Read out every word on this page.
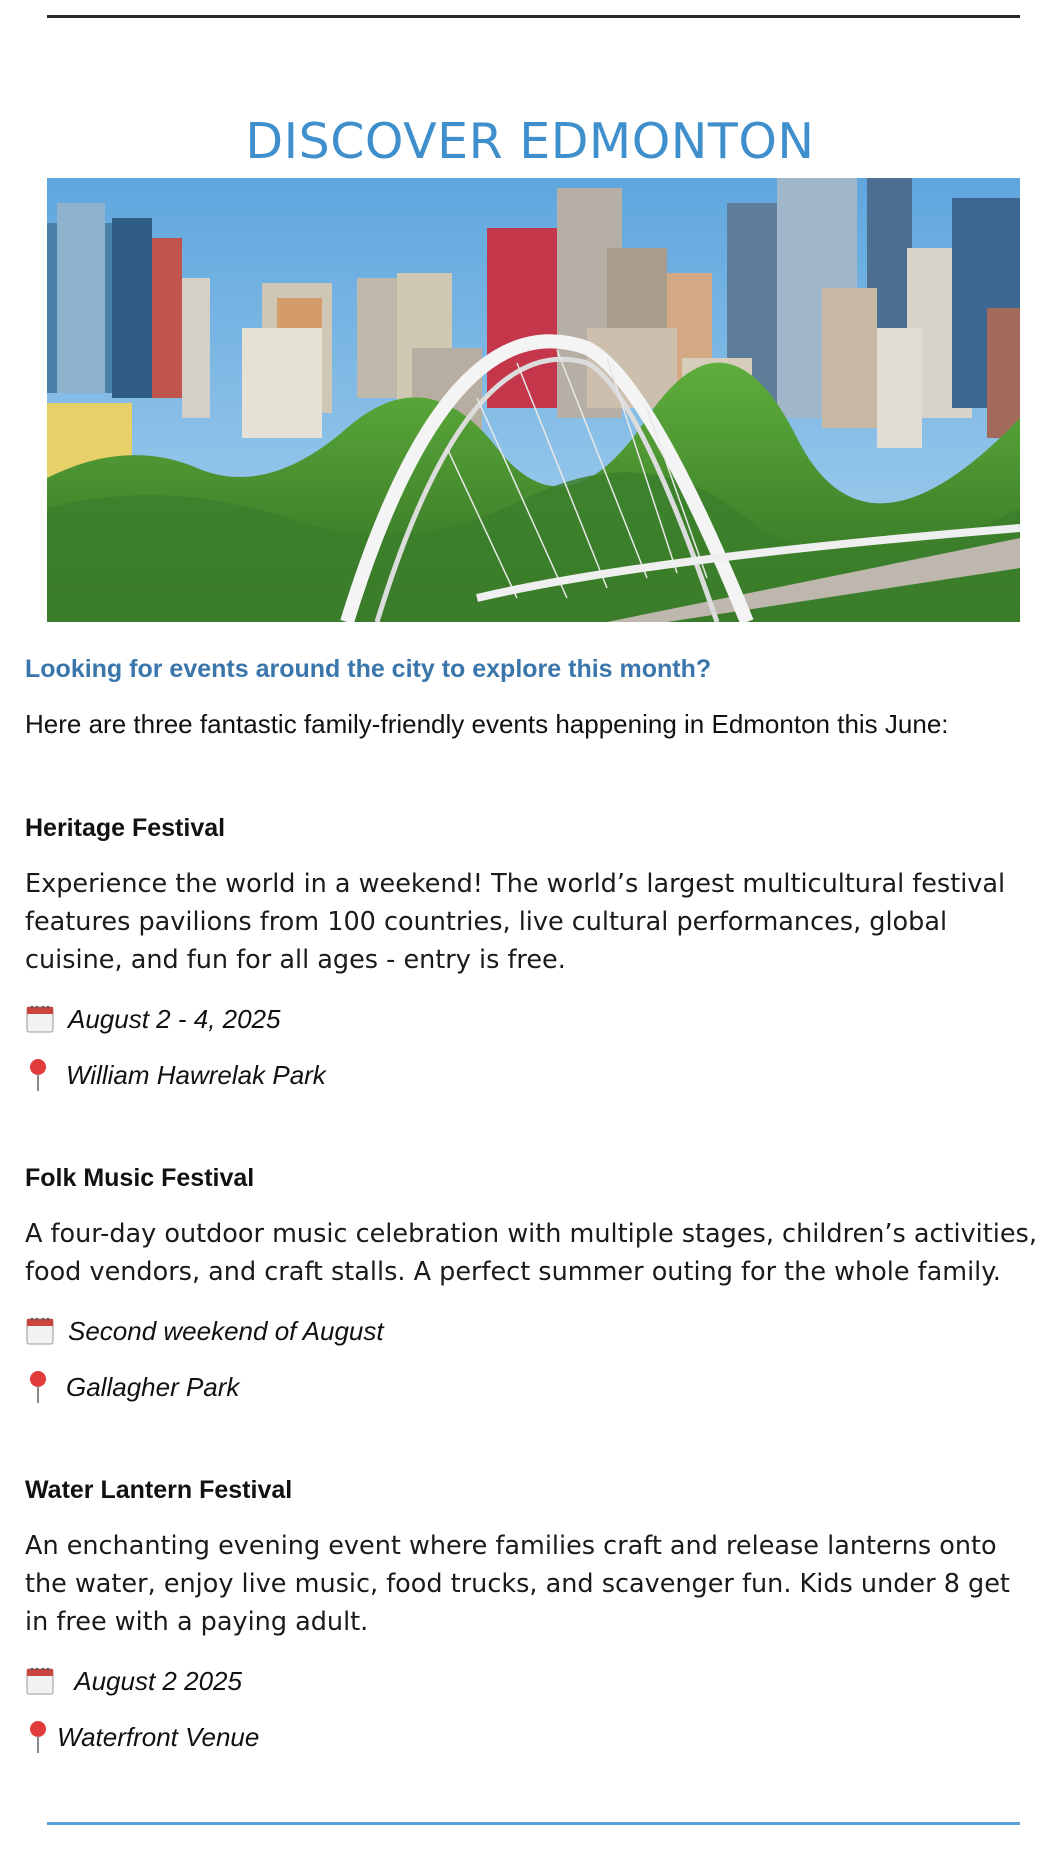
DISCOVER EDMONTON
Looking for events around the city to explore this month?
Here are three fantastic family-friendly events happening in Edmonton this June:
Heritage Festival

Experience the world in a weekend! The world’s largest multicultural festival features pavilions from 100 countries, live cultural performances, global cuisine, and fun for all ages - entry is free.

August 2 - 4, 2025
William Hawrelak Park
Folk Music Festival

A four-day outdoor music celebration with multiple stages, children’s activities, food vendors, and craft stalls. A perfect summer outing for the whole family.

Second weekend of August
Gallagher Park
Water Lantern Festival

An enchanting evening event where families craft and release lanterns onto the water, enjoy live music, food trucks, and scavenger fun. Kids under 8 get in free with a paying adult.

August 2 2025
Waterfront Venue
